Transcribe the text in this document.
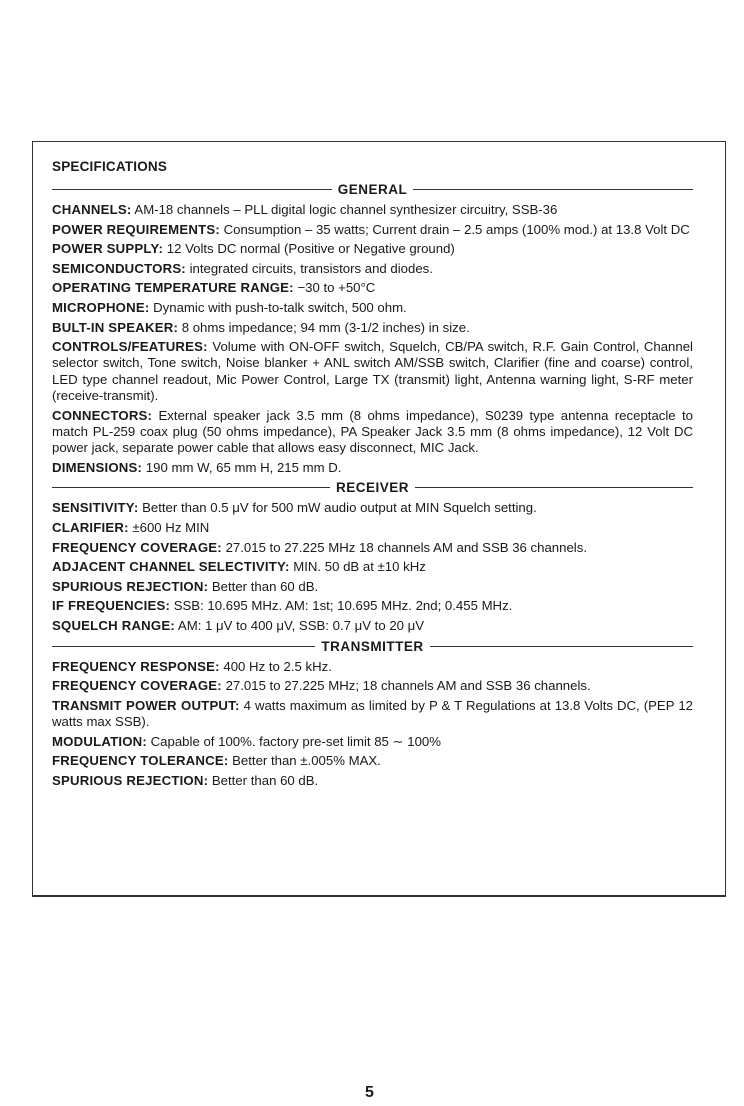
SPECIFICATIONS
GENERAL
CHANNELS: AM-18 channels – PLL digital logic channel synthesizer circuitry, SSB-36
POWER REQUIREMENTS: Consumption – 35 watts; Current drain – 2.5 amps (100% mod.) at 13.8 Volt DC
POWER SUPPLY: 12 Volts DC normal (Positive or Negative ground)
SEMICONDUCTORS: integrated circuits, transistors and diodes.
OPERATING TEMPERATURE RANGE: −30 to +50°C
MICROPHONE: Dynamic with push-to-talk switch, 500 ohm.
BULT-IN SPEAKER: 8 ohms impedance; 94 mm (3-1/2 inches) in size.
CONTROLS/FEATURES: Volume with ON-OFF switch, Squelch, CB/PA switch, R.F. Gain Control, Channel selector switch, Tone switch, Noise blanker + ANL switch AM/SSB switch, Clarifier (fine and coarse) control, LED type channel readout, Mic Power Control, Large TX (transmit) light, Antenna warning light, S-RF meter (receive-transmit).
CONNECTORS: External speaker jack 3.5 mm (8 ohms impedance), S0239 type antenna receptacle to match PL-259 coax plug (50 ohms impedance), PA Speaker Jack 3.5 mm (8 ohms impedance), 12 Volt DC power jack, separate power cable that allows easy disconnect, MIC Jack.
DIMENSIONS: 190 mm W, 65 mm H, 215 mm D.
RECEIVER
SENSITIVITY: Better than 0.5 μV for 500 mW audio output at MIN Squelch setting.
CLARIFIER: ±600 Hz MIN
FREQUENCY COVERAGE: 27.015 to 27.225 MHz 18 channels AM and SSB 36 channels.
ADJACENT CHANNEL SELECTIVITY: MIN. 50 dB at ±10 kHz
SPURIOUS REJECTION: Better than 60 dB.
IF FREQUENCIES: SSB: 10.695 MHz. AM: 1st; 10.695 MHz. 2nd; 0.455 MHz.
SQUELCH RANGE: AM: 1 μV to 400 μV, SSB: 0.7 μV to 20 μV
TRANSMITTER
FREQUENCY RESPONSE: 400 Hz to 2.5 kHz.
FREQUENCY COVERAGE: 27.015 to 27.225 MHz; 18 channels AM and SSB 36 channels.
TRANSMIT POWER OUTPUT: 4 watts maximum as limited by P & T Regulations at 13.8 Volts DC, (PEP 12 watts max SSB).
MODULATION: Capable of 100%. factory pre-set limit 85 ∼ 100%
FREQUENCY TOLERANCE: Better than ±.005% MAX.
SPURIOUS REJECTION: Better than 60 dB.
5
